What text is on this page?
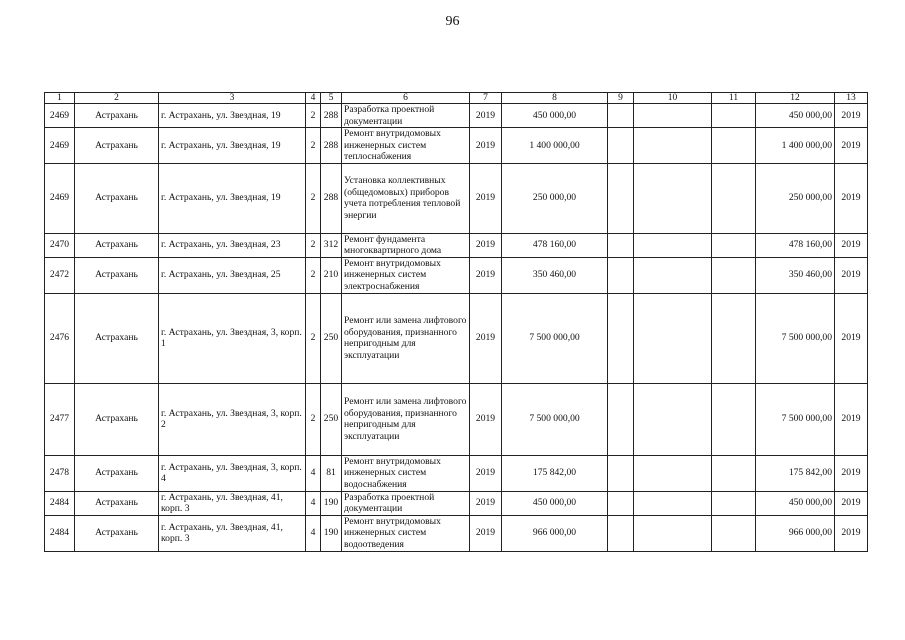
96
1	2	3	4	5	6	7	8	9	10	11	12	13
2469	Астрахань	г. Астрахань, ул. Звездная, 19	2	288	Разработка проектной документации	2019	450 000,00				450 000,00	2019
2469	Астрахань	г. Астрахань, ул. Звездная, 19	2	288	Ремонт внутридомовых инженерных систем теплоснабжения	2019	1 400 000,00				1 400 000,00	2019
2469	Астрахань	г. Астрахань, ул. Звездная, 19	2	288	Установка коллективных (общедомовых) приборов учета потребления тепловой энергии	2019	250 000,00				250 000,00	2019
2470	Астрахань	г. Астрахань, ул. Звездная, 23	2	312	Ремонт фундамента многоквартирного дома	2019	478 160,00				478 160,00	2019
2472	Астрахань	г. Астрахань, ул. Звездная, 25	2	210	Ремонт внутридомовых инженерных систем электроснабжения	2019	350 460,00				350 460,00	2019
2476	Астрахань	г. Астрахань, ул. Звездная, 3, корп. 1	2	250	Ремонт или замена лифтового оборудования, признанного непригодным для эксплуатации	2019	7 500 000,00				7 500 000,00	2019
2477	Астрахань	г. Астрахань, ул. Звездная, 3, корп. 2	2	250	Ремонт или замена лифтового оборудования, признанного непригодным для эксплуатации	2019	7 500 000,00				7 500 000,00	2019
2478	Астрахань	г. Астрахань, ул. Звездная, 3, корп. 4	4	81	Ремонт внутридомовых инженерных систем водоснабжения	2019	175 842,00				175 842,00	2019
2484	Астрахань	г. Астрахань, ул. Звездная, 41, корп. 3	4	190	Разработка проектной документации	2019	450 000,00				450 000,00	2019
2484	Астрахань	г. Астрахань, ул. Звездная, 41, корп. 3	4	190	Ремонт внутридомовых инженерных систем водоотведения	2019	966 000,00				966 000,00	2019
